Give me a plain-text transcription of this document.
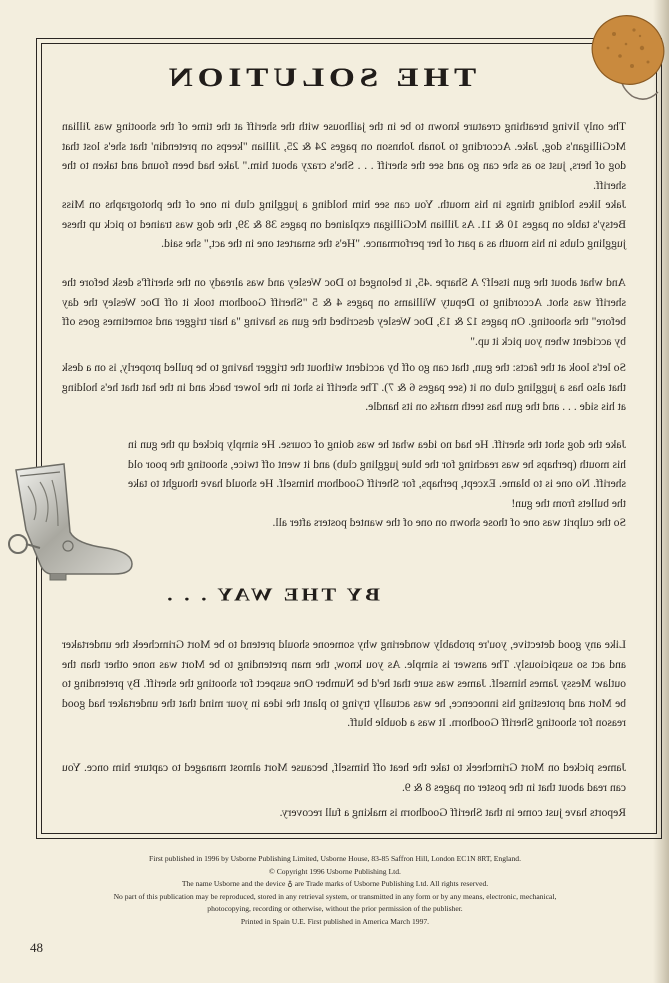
THE SOLUTION

The only living breathing creature known to be in the jailhouse with the sheriff at the time of the shooting was Jillian McGilligan's dog, Jake. According to Jonah Johnson on pages 24 & 25, Jillian "keeps on pretendin' that she's lost that dog of hers, just so as she can go and see the sheriff . . . She's crazy about him." Jake had been found and taken to the sheriff.

Jake likes holding things in his mouth. You can see him holding a juggling club in one of the photographs on Miss Betsy's table on pages 10 & 11. As Jillian McGilligan explained on pages 38 & 39, the dog was trained to pick up these juggling clubs in his mouth as a part of her performance. "He's the smartest one in the act," she said.

And what about the gun itself? A Sharpe .45, it belonged to Doc Wesley and was already on the sheriff's desk before the sheriff was shot. According to Deputy Williams on pages 4 & 5 "Sheriff Goodhorn took it off Doc Wesley the day before" the shooting. On pages 12 & 13, Doc Wesley described the gun as having "a hair trigger and sometimes goes off by accident when you pick it up."

So let's look at the facts: the gun, that can go off by accident without the trigger having to be pulled properly, is on a desk that also has a juggling club on it (see pages 6 & 7). The sheriff is shot in the lower back and in the hat that he's holding at his side . . . and the gun has teeth marks on its handle.

Jake the dog shot the sheriff. He had no idea what he was doing of course. He simply picked up the gun in his mouth (perhaps he was reaching for the blue juggling club) and it went off twice, shooting the poor old sheriff. No one is to blame. Except, perhaps, for Sheriff Goodhorn himself. He should have thought to take the bullets from the gun!
So the culprit was one of those shown on one of the wanted posters after all.

BY THE WAY . . .

Like any good detective, you're probably wondering why someone should pretend to be Mort Grimcheek the undertaker and act so suspiciously. The answer is simple. As you know, the man pretending to be Mort was none other than the outlaw Messy James himself. James was sure that he'd be Number One suspect for shooting the sheriff. By pretending to be Mort and protesting his innocence, he was actually trying to plant the idea in your mind that the undertaker had good reason for shooting Sheriff Goodhorn. It was a double bluff.

James picked on Mort Grimcheek to take the heat off himself, because Mort almost managed to capture him once. You can read about that in the poster on pages 8 & 9.

Reports have just come in that Sheriff Goodhorn is making a full recovery.

First published in 1996 by Usborne Publishing Limited, Usborne House, 83-85 Saffron Hill, London EC1N 8RT, England.
© Copyright 1996 Usborne Publishing Ltd.
The name Usborne and the device ♁ are Trade marks of Usborne Publishing Ltd. All rights reserved.
No part of this publication may be reproduced, stored in any retrieval system, or transmitted in any form or by any means, electronic, mechanical,
photocopying, recording or otherwise, without the prior permission of the publisher.
Printed in Spain U.E. First published in America March 1997.
48
